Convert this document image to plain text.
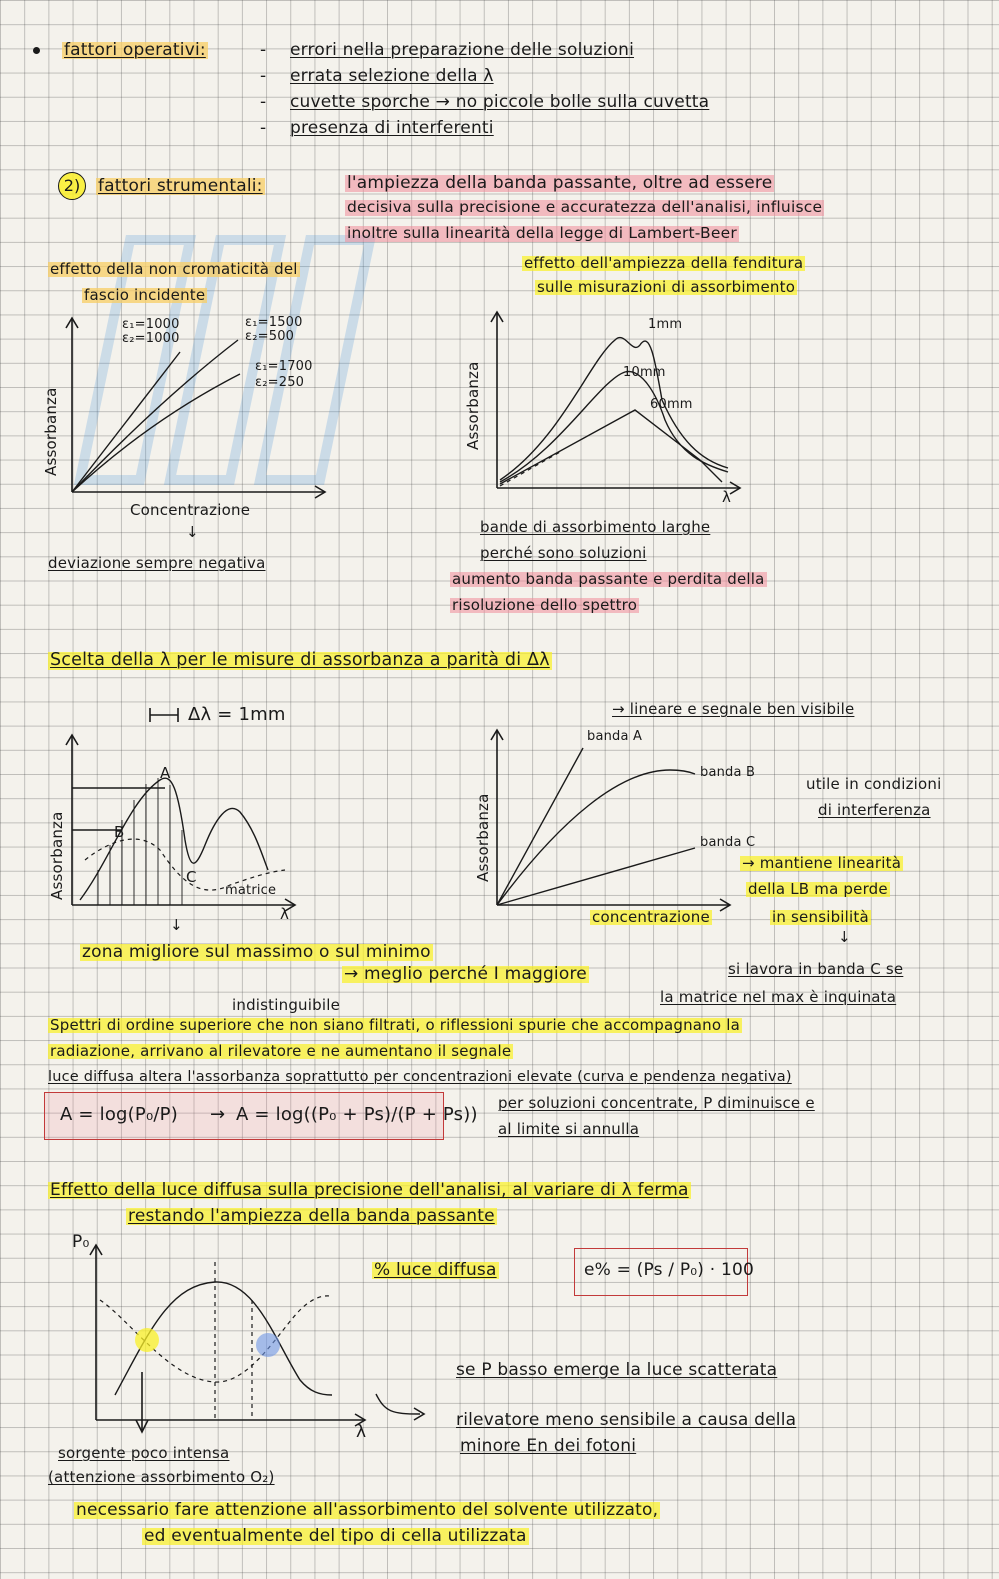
fattori operativi:	- errori nella preparazione delle soluzioni
- errata selezione della λ
- cuvette sporche → no piccole bolle sulla cuvetta
- presenza di interferenti
2)	fattori strumentali:	l'ampiezza della banda passante, oltre ad essere
decisiva sulla precisione e accuratezza dell'analisi, influisce
inoltre sulla linearità della legge di Lambert-Beer
effetto della non cromaticità del
fascio incidente
ε₁=1000
ε₂=1000
ε₁=1500
ε₂=500
ε₁=1700
ε₂=250
Assorbanza
Concentrazione
↓
deviazione sempre negativa
effetto dell'ampiezza della fenditura
sulle misurazioni di assorbimento
1mm
10mm
60mm
Assorbanza
λ
bande di assorbimento larghe
perché sono soluzioni
aumento banda passante e perdita della
risoluzione dello spettro
Scelta della λ per le misure di assorbanza a parità di Δλ
Δλ = 1mm
A
B
C
matrice
Assorbanza
λ
↓
banda A
banda B
banda C
Assorbanza
→ lineare e segnale ben visibile
utile in condizioni
di interferenza
→ mantiene linearità
della LB ma perde
concentrazione	in sensibilità
↓
zona migliore sul massimo o sul minimo
→ meglio perché I maggiore	si lavora in banda C se
la matrice nel max è inquinata
indistinguibile
Spettri di ordine superiore che non siano filtrati, o riflessioni spurie che accompagnano la
radiazione, arrivano al rilevatore e ne aumentano il segnale
luce diffusa altera l'assorbanza soprattutto per concentrazioni elevate (curva e pendenza negativa)
A = log(P₀/P) → A = log((P₀ + Ps)/(P + Ps))
per soluzioni concentrate, P diminuisce e
al limite si annulla
Effetto della luce diffusa sulla precisione dell'analisi, al variare di λ ferma
restando l'ampiezza della banda passante
P₀
λ
% luce diffusa	e% = (Ps / P₀) · 100
se P basso emerge la luce scatterata
rilevatore meno sensibile a causa della
minore En dei fotoni
sorgente poco intensa
(attenzione assorbimento O₂)
necessario fare attenzione all'assorbimento del solvente utilizzato,
ed eventualmente del tipo di cella utilizzata
